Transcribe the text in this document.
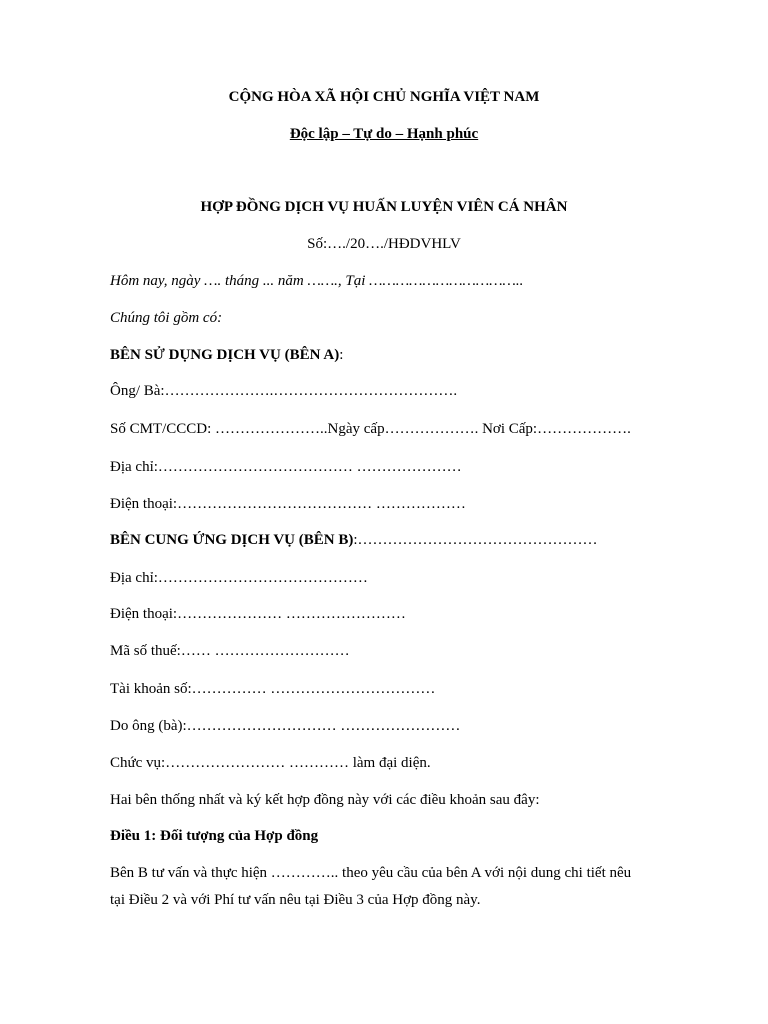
CỘNG HÒA XÃ HỘI CHỦ NGHĨA VIỆT NAM
Độc lập – Tự do – Hạnh phúc
HỢP ĐỒNG DỊCH VỤ HUẤN LUYỆN VIÊN CÁ NHÂN
Số:…./20…./HĐDVHLV
Hôm nay, ngày …. tháng ... năm ……., Tại ……………………………..
Chúng tôi gồm có:
BÊN SỬ DỤNG DỊCH VỤ (BÊN A):
Ông/ Bà:………………….……………………………….
Số CMT/CCCD: …………………..Ngày cấp………………. Nơi Cấp:……………….
Địa chỉ:………………………………… …………………
Điện thoại:………………………………… ………………
BÊN CUNG ỨNG DỊCH VỤ (BÊN B):…………………………………………
Địa chỉ:……………………………………
Điện thoại:………………… ……………………
Mã số thuế:…… ………………………
Tài khoản số:…………… ……………………………
Do ông (bà):………………………… ……………………
Chức vụ:…………………… ………… làm đại diện.
Hai bên thống nhất và ký kết hợp đồng này với các điều khoản sau đây:
Điều 1: Đối tượng của Hợp đồng
Bên B tư vấn và thực hiện ………….. theo yêu cầu của bên A với nội dung chi tiết nêu
tại Điều 2 và với Phí tư vấn nêu tại Điều 3 của Hợp đồng này.
